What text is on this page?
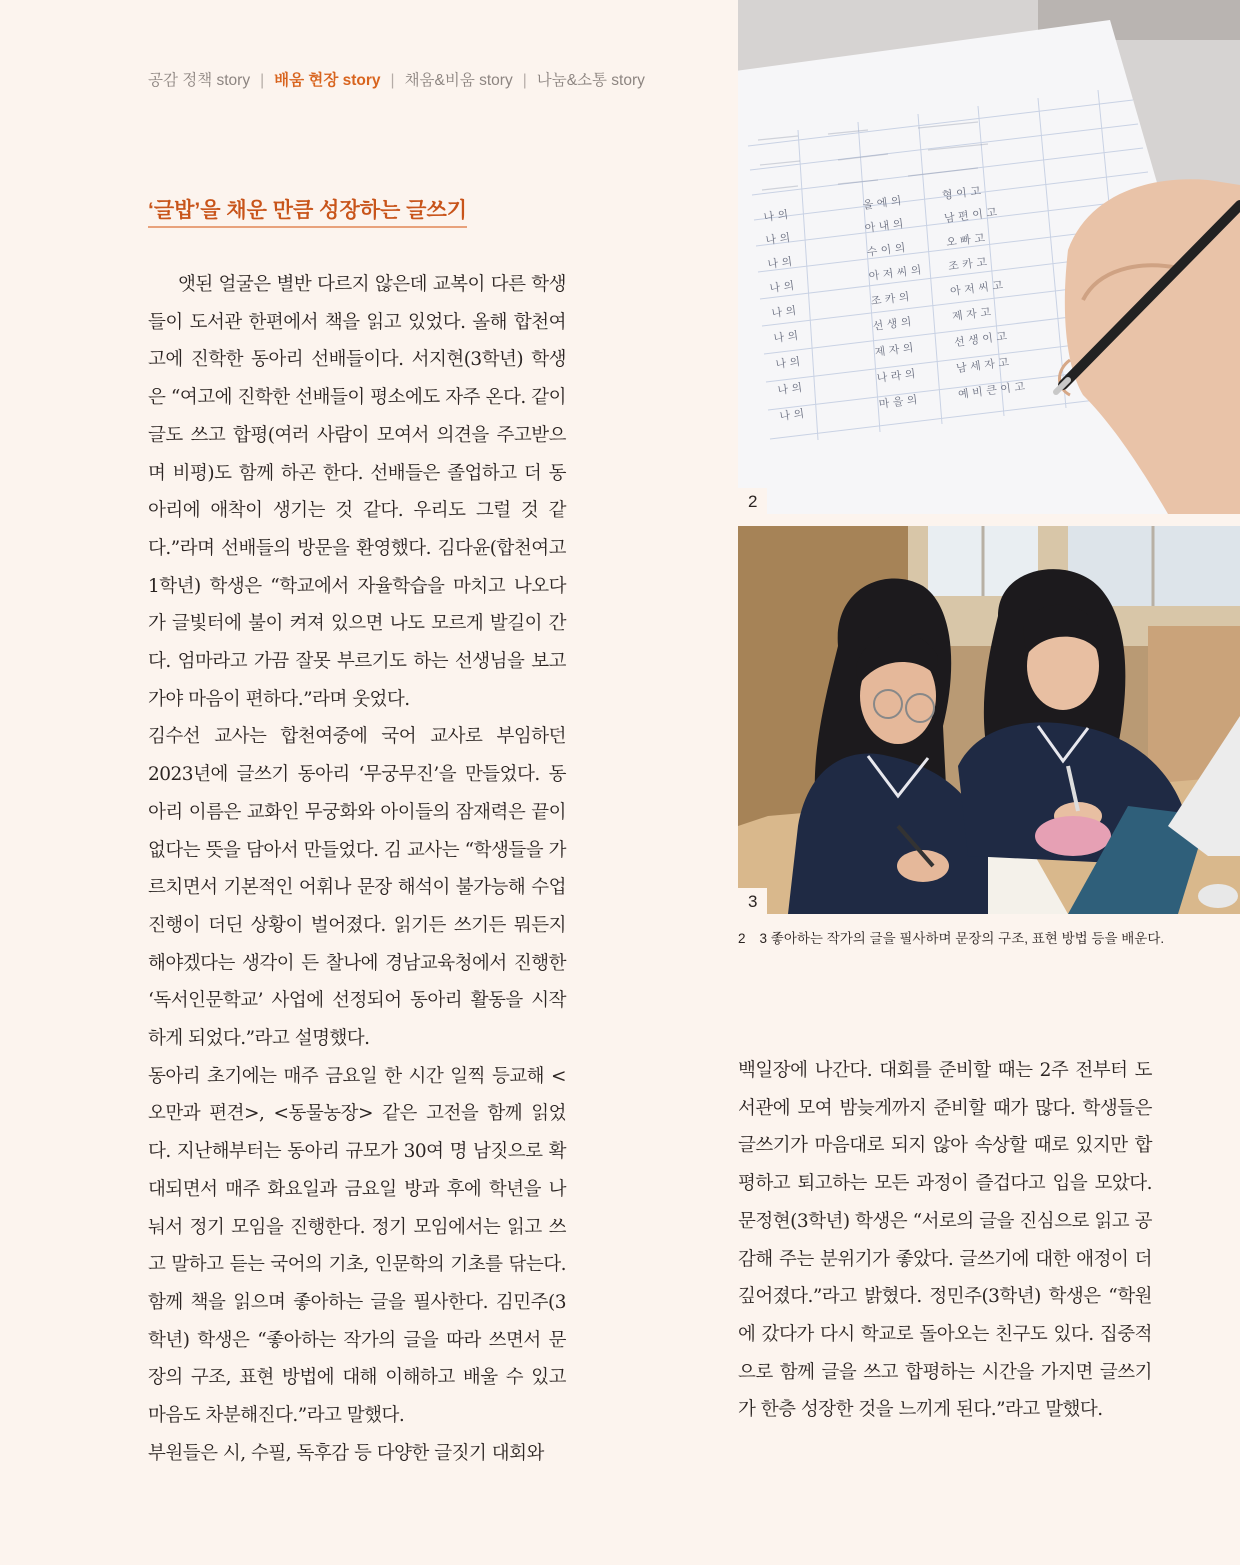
공감 정책 story | 배움 현장 story | 채움&비움 story | 나눔&소통 story
‘글밥’을 채운 만큼 성장하는 글쓰기

앳된 얼굴은 별반 다르지 않은데 교복이 다른 학생들이 도서관 한편에서 책을 읽고 있었다. 올해 합천여고에 진학한 동아리 선배들이다. 서지현(3학년) 학생은 “여고에 진학한 선배들이 평소에도 자주 온다. 같이 글도 쓰고 합평(여러 사람이 모여서 의견을 주고받으며 비평)도 함께 하곤 한다. 선배들은 졸업하고 더 동아리에 애착이 생기는 것 같다. 우리도 그럴 것 같다.”라며 선배들의 방문을 환영했다. 김다윤(합천여고 1학년) 학생은 “학교에서 자율학습을 마치고 나오다가 글빛터에 불이 켜져 있으면 나도 모르게 발길이 간다. 엄마라고 가끔 잘못 부르기도 하는 선생님을 보고 가야 마음이 편하다.”라며 웃었다.

김수선 교사는 합천여중에 국어 교사로 부임하던 2023년에 글쓰기 동아리 ‘무궁무진’을 만들었다. 동아리 이름은 교화인 무궁화와 아이들의 잠재력은 끝이 없다는 뜻을 담아서 만들었다. 김 교사는 “학생들을 가르치면서 기본적인 어휘나 문장 해석이 불가능해 수업 진행이 더딘 상황이 벌어졌다. 읽기든 쓰기든 뭐든지 해야겠다는 생각이 든 찰나에 경남교육청에서 진행한 ‘독서인문학교’ 사업에 선정되어 동아리 활동을 시작하게 되었다.”라고 설명했다.

동아리 초기에는 매주 금요일 한 시간 일찍 등교해 <오만과 편견>, <동물농장> 같은 고전을 함께 읽었다. 지난해부터는 동아리 규모가 30여 명 남짓으로 확대되면서 매주 화요일과 금요일 방과 후에 학년을 나눠서 정기 모임을 진행한다. 정기 모임에서는 읽고 쓰고 말하고 듣는 국어의 기초, 인문학의 기초를 닦는다. 함께 책을 읽으며 좋아하는 글을 필사한다. 김민주(3학년) 학생은 “좋아하는 작가의 글을 따라 쓰면서 문장의 구조, 표현 방법에 대해 이해하고 배울 수 있고 마음도 차분해진다.”라고 말했다.

부원들은 시, 수필, 독후감 등 다양한 글짓기 대회와

나 의
마 을 의
예 비 큰 이 고
나 의
나 라 의
남 세 자 고
나 의
제 자 의
선 생 이 고
나 의
선 생 의
제 자 고
나 의
조 카 의
아 저 씨 고
나 의
아 저 씨 의 조 카 고
나 의
수 이 의
오 빠 고
나 의
아 내 의
남 편 이 고
나 의
올 에 의
형 이 고
2
3
2 3 좋아하는 작가의 글을 필사하며 문장의 구조, 표현 방법 등을 배운다.

백일장에 나간다. 대회를 준비할 때는 2주 전부터 도서관에 모여 밤늦게까지 준비할 때가 많다. 학생들은 글쓰기가 마음대로 되지 않아 속상할 때로 있지만 합평하고 퇴고하는 모든 과정이 즐겁다고 입을 모았다. 문정현(3학년) 학생은 “서로의 글을 진심으로 읽고 공감해 주는 분위기가 좋았다. 글쓰기에 대한 애정이 더 깊어졌다.”라고 밝혔다. 정민주(3학년) 학생은 “학원에 갔다가 다시 학교로 돌아오는 친구도 있다. 집중적으로 함께 글을 쓰고 합평하는 시간을 가지면 글쓰기가 한층 성장한 것을 느끼게 된다.”라고 말했다.
